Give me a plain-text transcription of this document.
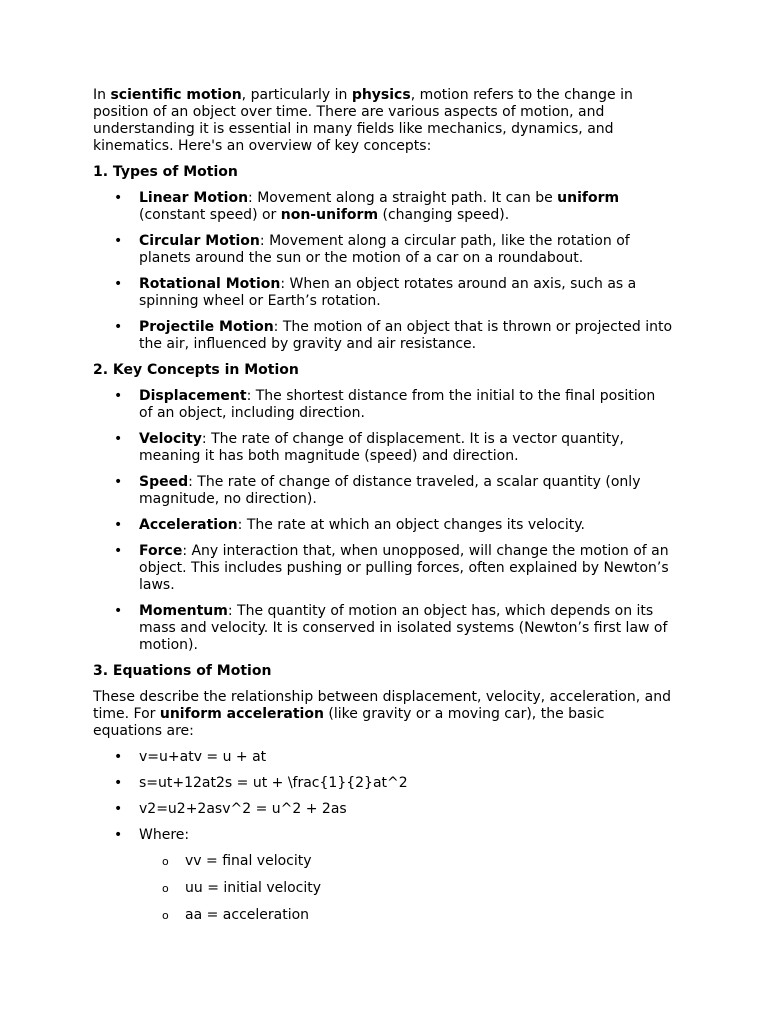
In scientific motion, particularly in physics, motion refers to the change in position of an object over time. There are various aspects of motion, and understanding it is essential in many fields like mechanics, dynamics, and kinematics. Here's an overview of key concepts:

1. Types of Motion
• Linear Motion: Movement along a straight path. It can be uniform (constant speed) or non-uniform (changing speed).
• Circular Motion: Movement along a circular path, like the rotation of planets around the sun or the motion of a car on a roundabout.
• Rotational Motion: When an object rotates around an axis, such as a spinning wheel or Earth’s rotation.
• Projectile Motion: The motion of an object that is thrown or projected into the air, influenced by gravity and air resistance.
2. Key Concepts in Motion
• Displacement: The shortest distance from the initial to the final position of an object, including direction.
• Velocity: The rate of change of displacement. It is a vector quantity, meaning it has both magnitude (speed) and direction.
• Speed: The rate of change of distance traveled, a scalar quantity (only magnitude, no direction).
• Acceleration: The rate at which an object changes its velocity.
• Force: Any interaction that, when unopposed, will change the motion of an object. This includes pushing or pulling forces, often explained by Newton’s laws.
• Momentum: The quantity of motion an object has, which depends on its mass and velocity. It is conserved in isolated systems (Newton’s first law of motion).
3. Equations of Motion

These describe the relationship between displacement, velocity, acceleration, and time. For uniform acceleration (like gravity or a moving car), the basic equations are:

• v=u+atv = u + at
• s=ut+12at2s = ut + \frac{1}{2}at^2
• v2=u2+2asv^2 = u^2 + 2as
• Where:
o vv = final velocity
o uu = initial velocity
o aa = acceleration
